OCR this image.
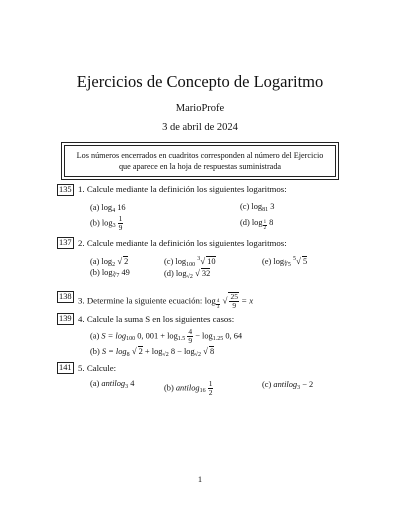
Ejercicios de Concepto de Logaritmo
MarioProfe
3 de abril de 2024
Los números encerrados en cuadritos corresponden al número del Ejercicio
que aparece en la hoja de respuestas suministrada
135 1. Calcule mediante la definición los siguientes logaritmos:
(a) $\log_4 16$	(c) $\log_{81} 3$
(b) $\log_3 \frac{1}{9}$	(d) log $_{\frac{1}{2}}$ 8
137 2. Calcule mediante la definición los siguientes logaritmos:
(a) $\log_2$ √ 2	(c) $\log_{100} ^3√$ 10	(e) $\log_{∜5} ^5√$ 5
(b) $\log_{∛7} 49$	(d) $\log_{√2}$ √ 32
138 3. Determine la siguiente ecuación: log $_{\frac{4}{3}}$ √ $\frac{25}{9} = x$
139 4. Calcule la suma S en los siguientes casos:
(a) $S = \log_{100} 0$, $001 + \log_{1.5} \frac{4}{9} - \log_{1.25} 0$, 64
(b) $S = \log_8$ √ $2 + \log_{√2} 8 - \log_{√2}$ √ 8
141 5. Calcule:
(a) antilog$_3$ 4	(b) antilog$_{16}$ $\frac{1}{2}$	(c) antilog$_3$ − 2
1
